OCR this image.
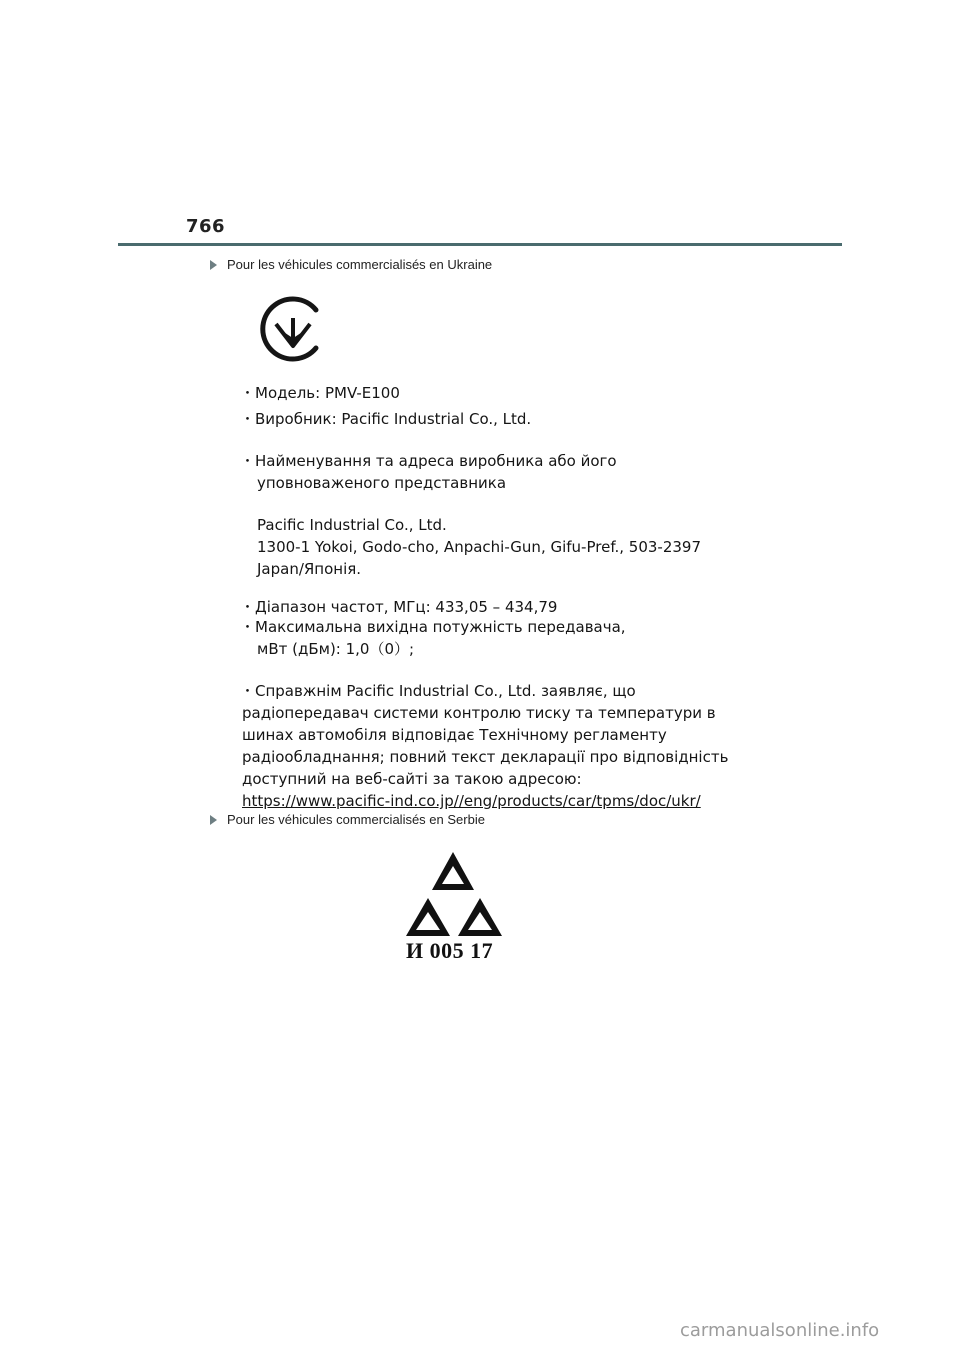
766
Pour les véhicules commercialisés en Ukraine
・Модель: PMV-E100
・Виробник: Pacific Industrial Co., Ltd.
・Найменування та адреса виробника або його
уповноваженого представника
Pacific Industrial Co., Ltd.
1300-1 Yokoi, Godo-cho, Anpachi-Gun, Gifu-Pref., 503-2397
Japan/Японія.
・Діапазон частот, МГц: 433,05 – 434,79
・Максимальна вихідна потужність передавача,
мВт (дБм): 1,0（0）;
・Справжнім Pacific Industrial Co., Ltd. заявляє, що
радіопередавач системи контролю тиску та температури в
шинах автомобіля відповідає Технічному регламенту
радіообладнання; повний текст декларації про відповідність
доступний на веб-сайті за такою адресою:
https://www.pacific-ind.co.jp//eng/products/car/tpms/doc/ukr/
Pour les véhicules commercialisés en Serbie
И 005 17
carmanualsonline.info
